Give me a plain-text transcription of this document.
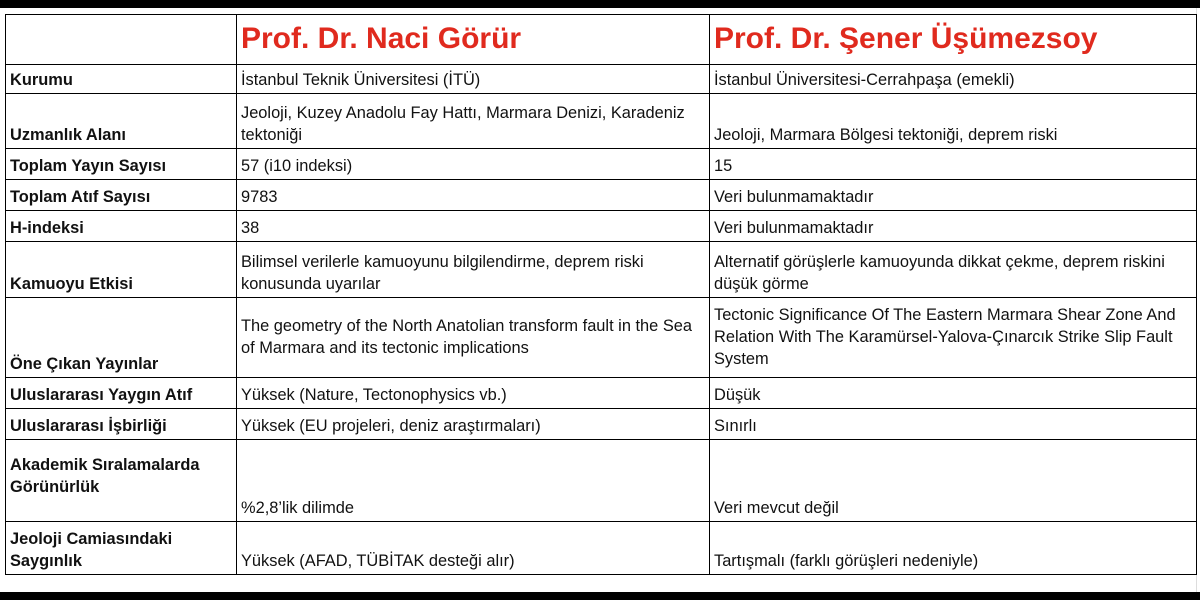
	Prof. Dr. Naci Görür	Prof. Dr. Şener Üşümezsoy
Kurumu	İstanbul Teknik Üniversitesi (İTÜ)	İstanbul Üniversitesi-Cerrahpaşa (emekli)
Uzmanlık Alanı	Jeoloji, Kuzey Anadolu Fay Hattı, Marmara Denizi, Karadeniz tektoniği	Jeoloji, Marmara Bölgesi tektoniği, deprem riski
Toplam Yayın Sayısı	57 (i10 indeksi)	15
Toplam Atıf Sayısı	9783	Veri bulunmamaktadır
H-indeksi	38	Veri bulunmamaktadır
Kamuoyu Etkisi	Bilimsel verilerle kamuoyunu bilgilendirme, deprem riski konusunda uyarılar	Alternatif görüşlerle kamuoyunda dikkat çekme, deprem riskini düşük görme
Öne Çıkan Yayınlar	The geometry of the North Anatolian transform fault in the Sea of Marmara and its tectonic implications	Tectonic Significance Of The Eastern Marmara Shear Zone And Relation With The Karamürsel-Yalova-Çınarcık Strike Slip Fault System
Uluslararası Yaygın Atıf	Yüksek (Nature, Tectonophysics vb.)	Düşük
Uluslararası İşbirliği	Yüksek (EU projeleri, deniz araştırmaları)	Sınırlı
Akademik Sıralamalarda Görünürlük	%2,8’lik dilimde	Veri mevcut değil
Jeoloji Camiasındaki Saygınlık	Yüksek (AFAD, TÜBİTAK desteği alır)	Tartışmalı (farklı görüşleri nedeniyle)
